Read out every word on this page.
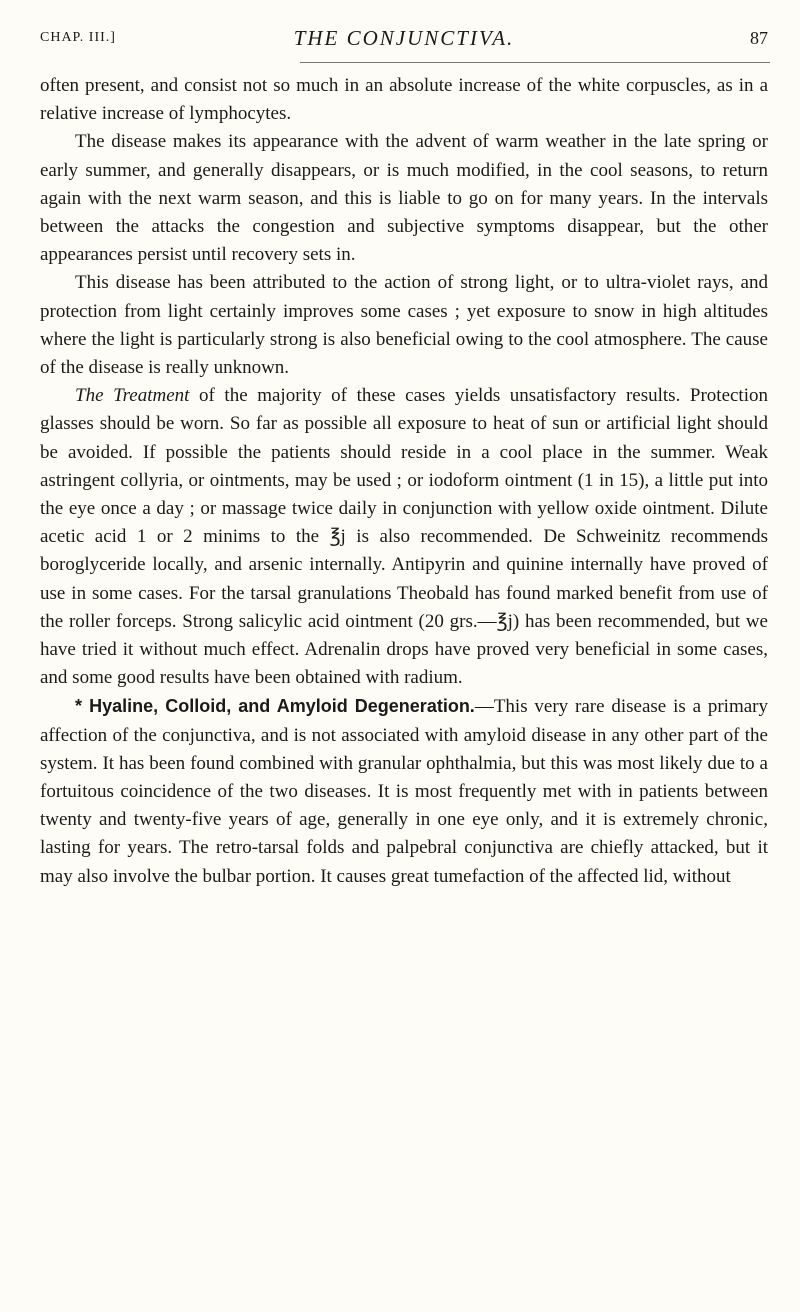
CHAP. III.]	THE CONJUNCTIVA.	87

often present, and consist not so much in an absolute increase of the white corpuscles, as in a relative increase of lymphocytes.

The disease makes its appearance with the advent of warm weather in the late spring or early summer, and generally disappears, or is much modified, in the cool seasons, to return again with the next warm season, and this is liable to go on for many years. In the intervals between the attacks the congestion and subjective symptoms disappear, but the other appearances persist until recovery sets in.

This disease has been attributed to the action of strong light, or to ultra-violet rays, and protection from light certainly improves some cases ; yet exposure to snow in high altitudes where the light is particularly strong is also beneficial owing to the cool atmosphere. The cause of the disease is really unknown.

The Treatment of the majority of these cases yields unsatisfactory results. Protection glasses should be worn. So far as possible all exposure to heat of sun or artificial light should be avoided. If possible the patients should reside in a cool place in the summer. Weak astringent collyria, or ointments, may be used ; or iodoform ointment (1 in 15), a little put into the eye once a day ; or massage twice daily in conjunction with yellow oxide ointment. Dilute acetic acid 1 or 2 minims to the ℥j is also recommended. De Schweinitz recommends boroglyceride locally, and arsenic internally. Antipyrin and quinine internally have proved of use in some cases. For the tarsal granulations Theobald has found marked benefit from use of the roller forceps. Strong salicylic acid ointment (20 grs.—℥j) has been recommended, but we have tried it without much effect. Adrenalin drops have proved very beneficial in some cases, and some good results have been obtained with radium.

* Hyaline, Colloid, and Amyloid Degeneration.—This very rare disease is a primary affection of the conjunctiva, and is not associated with amyloid disease in any other part of the system. It has been found combined with granular ophthalmia, but this was most likely due to a fortuitous coincidence of the two diseases. It is most frequently met with in patients between twenty and twenty-five years of age, generally in one eye only, and it is extremely chronic, lasting for years. The retro-tarsal folds and palpebral conjunctiva are chiefly attacked, but it may also involve the bulbar portion. It causes great tumefaction of the affected lid, without
